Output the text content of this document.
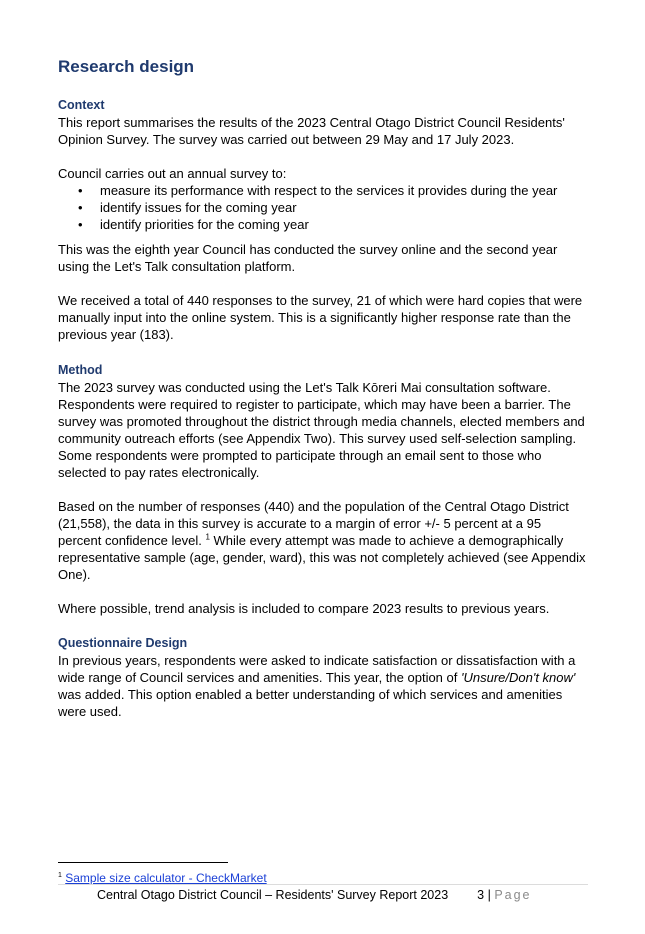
Research design
Context

This report summarises the results of the 2023 Central Otago District Council Residents' Opinion Survey. The survey was carried out between 29 May and 17 July 2023.

Council carries out an annual survey to:

• measure its performance with respect to the services it provides during the year
• identify issues for the coming year
• identify priorities for the coming year

This was the eighth year Council has conducted the survey online and the second year using the Let's Talk consultation platform.

We received a total of 440 responses to the survey, 21 of which were hard copies that were manually input into the online system. This is a significantly higher response rate than the previous year (183).

Method

The 2023 survey was conducted using the Let's Talk Kōreri Mai consultation software. Respondents were required to register to participate, which may have been a barrier. The survey was promoted throughout the district through media channels, elected members and community outreach efforts (see Appendix Two). This survey used self-selection sampling. Some respondents were prompted to participate through an email sent to those who selected to pay rates electronically.

Based on the number of responses (440) and the population of the Central Otago District (21,558), the data in this survey is accurate to a margin of error +/- 5 percent at a 95 percent confidence level. $^1$ While every attempt was made to achieve a demographically representative sample (age, gender, ward), this was not completely achieved (see Appendix One).

Where possible, trend analysis is included to compare 2023 results to previous years.

Questionnaire Design

In previous years, respondents were asked to indicate satisfaction or dissatisfaction with a wide range of Council services and amenities. This year, the option of 'Unsure/Don't know' was added. This option enabled a better understanding of which services and amenities were used.

$^1$ Sample size calculator - CheckMarket
Central Otago District Council – Residents' Survey Report 2023 3 | Page
